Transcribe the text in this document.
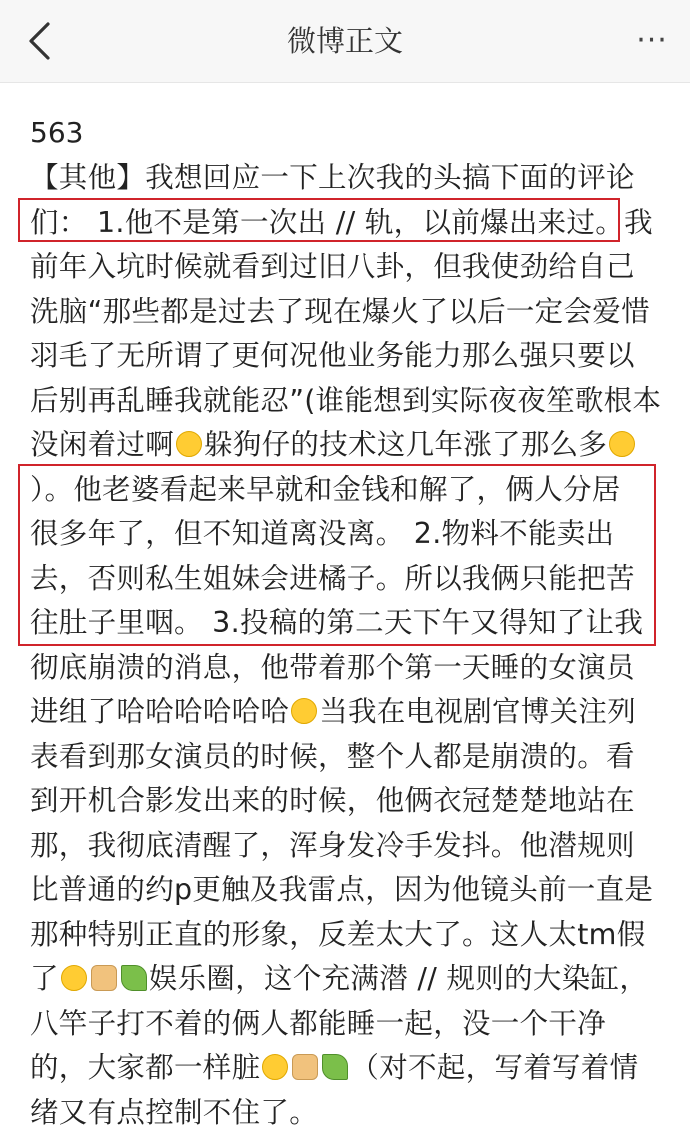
微博正文	···
563
【其他】我想回应一下上次我的头搞下面的评论
们： 1.他不是第一次出 // 轨，以前爆出来过。我
前年入坑时候就看到过旧八卦，但我使劲给自己
洗脑“那些都是过去了现在爆火了以后一定会爱惜
羽毛了无所谓了更何况他业务能力那么强只要以
后别再乱睡我就能忍”(谁能想到实际夜夜笙歌根本
没闲着过啊 躲狗仔的技术这几年涨了那么多
）。他老婆看起来早就和金钱和解了，俩人分居
很多年了，但不知道离没离。 2.物料不能卖出
去，否则私生姐妹会进橘子。所以我俩只能把苦
往肚子里咽。 3.投稿的第二天下午又得知了让我
彻底崩溃的消息，他带着那个第一天睡的女演员
进组了哈哈哈哈哈哈 当我在电视剧官博关注列
表看到那女演员的时候，整个人都是崩溃的。看
到开机合影发出来的时候，他俩衣冠楚楚地站在
那，我彻底清醒了，浑身发冷手发抖。他潜规则
比普通的约p更触及我雷点，因为他镜头前一直是
那种特别正直的形象，反差太大了。这人太tm假
了	娱乐圈，这个充满潜 // 规则的大染缸，
八竿子打不着的俩人都能睡一起，没一个干净
的，大家都一样脏	（对不起，写着写着情
绪又有点控制不住了。
